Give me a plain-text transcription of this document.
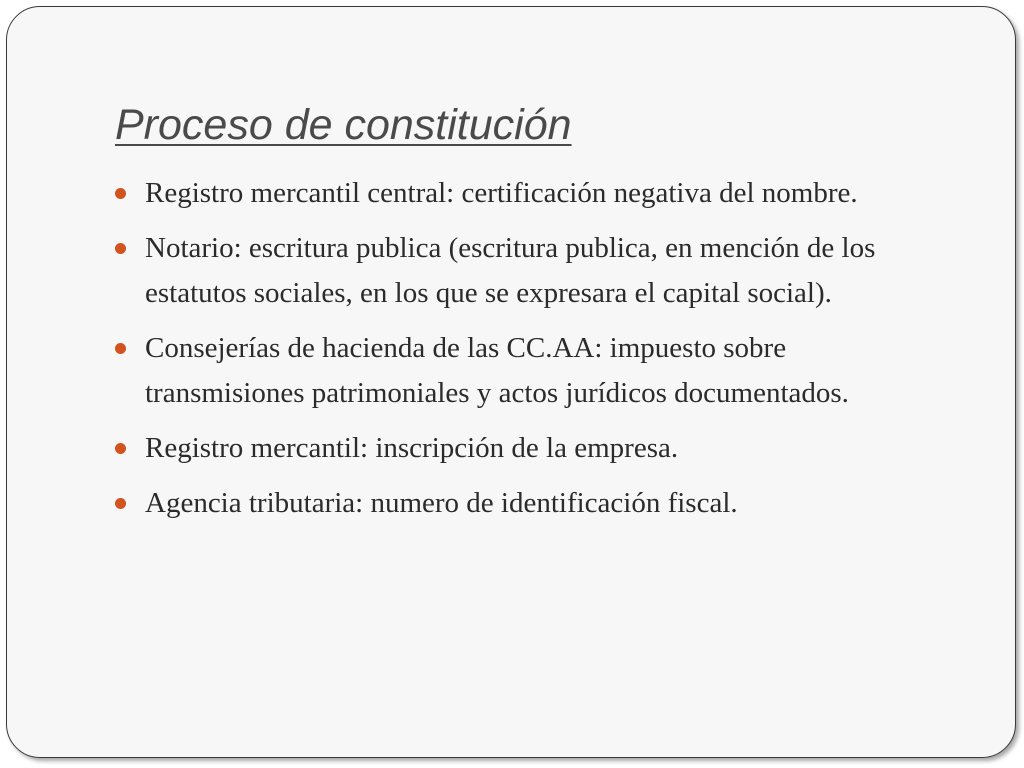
Proceso de constitución
Registro mercantil central: certificación negativa del nombre.
Notario: escritura publica (escritura publica, en mención de los estatutos sociales, en los que se expresara el capital social).
Consejerías de hacienda de las CC.AA: impuesto sobre transmisiones patrimoniales y actos jurídicos documentados.
Registro mercantil: inscripción de la empresa.
Agencia tributaria: numero de identificación fiscal.
